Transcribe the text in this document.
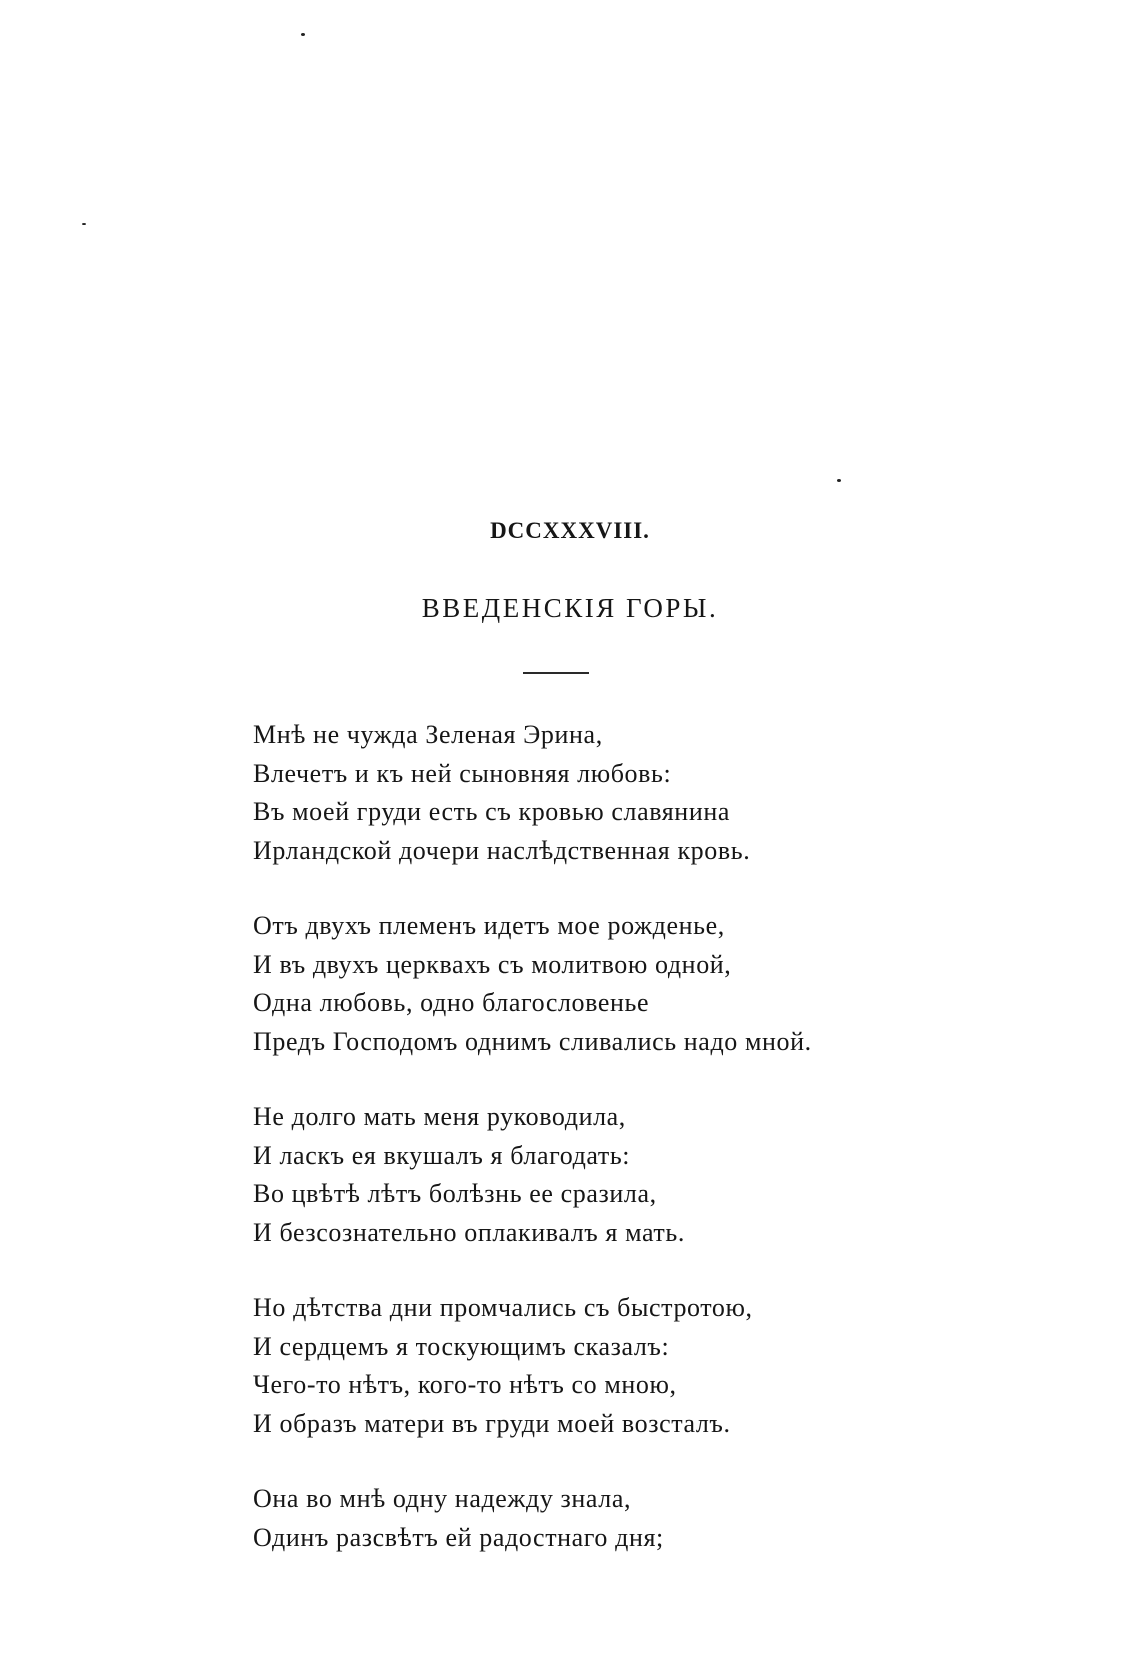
DCCXXXVIII.
ВВЕДЕНСКІЯ ГОРЫ.
Мнѣ не чужда Зеленая Эрина,
Влечетъ и къ ней сыновняя любовь:
Въ моей груди есть съ кровью славянина
Ирландской дочери наслѣдственная кровь.
Отъ двухъ племенъ идетъ мое рожденье,
И въ двухъ церквахъ съ молитвою одной,
Одна любовь, одно благословенье
Предъ Господомъ однимъ сливались надо мной.
Не долго мать меня руководила,
И ласкъ ея вкушалъ я благодать:
Во цвѣтѣ лѣтъ болѣзнь ее сразила,
И безсознательно оплакивалъ я мать.
Но дѣтства дни промчались съ быстротою,
И сердцемъ я тоскующимъ сказалъ:
Чего-то нѣтъ, кого-то нѣтъ со мною,
И образъ матери въ груди моей возсталъ.
Она во мнѣ одну надежду знала,
Одинъ разсвѣтъ ей радостнаго дня;
